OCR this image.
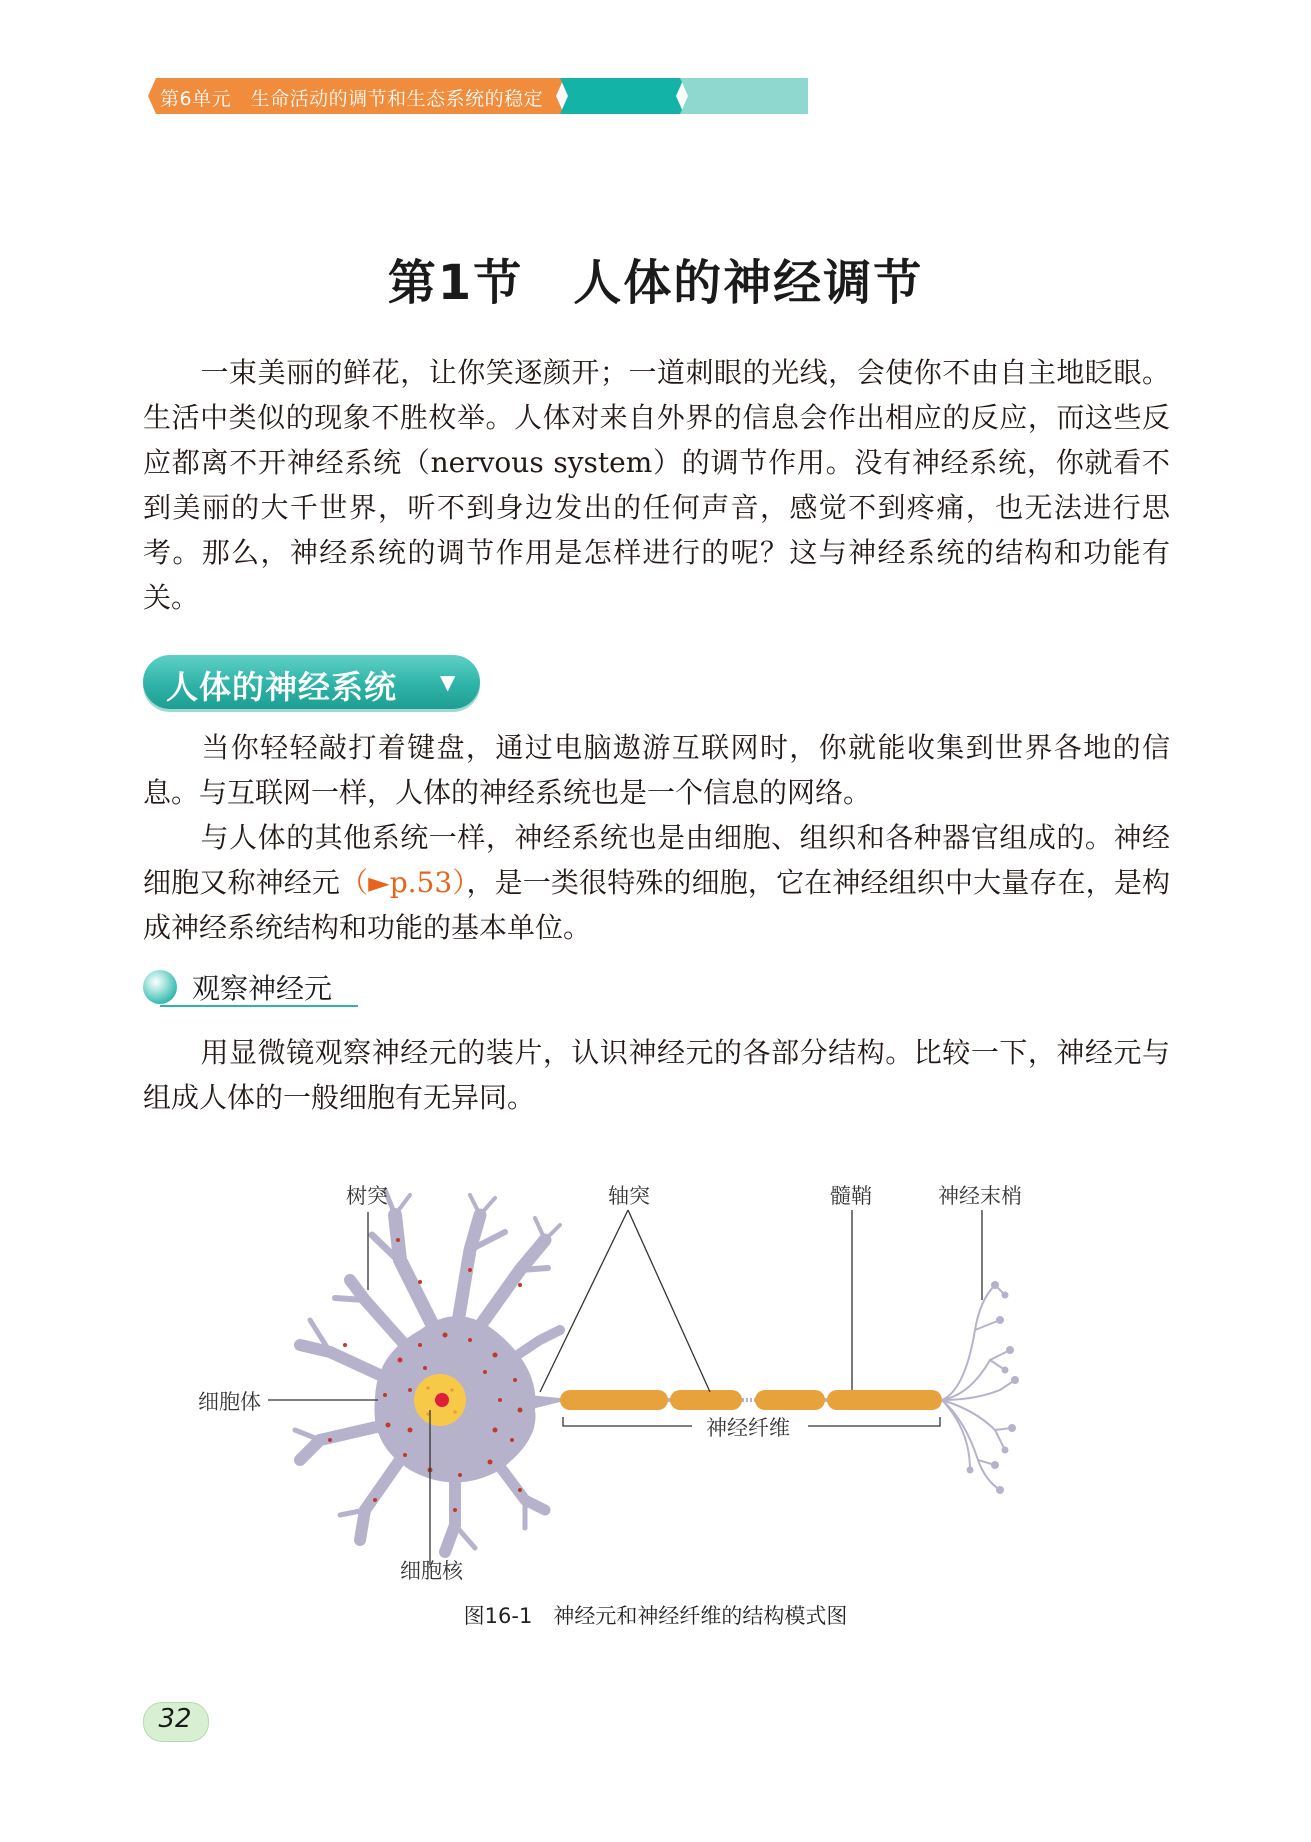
第6单元　生命活动的调节和生态系统的稳定
第1节　人体的神经调节

一束美丽的鲜花，让你笑逐颜开；一道刺眼的光线，会使你不由自主地眨眼。生活中类似的现象不胜枚举。人体对来自外界的信息会作出相应的反应，而这些反应都离不开神经系统（nervous system）的调节作用。没有神经系统，你就看不到美丽的大千世界，听不到身边发出的任何声音，感觉不到疼痛，也无法进行思考。那么，神经系统的调节作用是怎样进行的呢？这与神经系统的结构和功能有关。

人体的神经系统 ▼

当你轻轻敲打着键盘，通过电脑遨游互联网时，你就能收集到世界各地的信息。与互联网一样，人体的神经系统也是一个信息的网络。

与人体的其他系统一样，神经系统也是由细胞、组织和各种器官组成的。神经细胞又称神经元（►p.53），是一类很特殊的细胞，它在神经组织中大量存在，是构成神经系统结构和功能的基本单位。

观察神经元

用显微镜观察神经元的装片，认识神经元的各部分结构。比较一下，神经元与组成人体的一般细胞有无异同。

树突	轴突	髓鞘	神经末梢
细胞体
细胞核
神经纤维
图16-1　神经元和神经纤维的结构模式图
32
